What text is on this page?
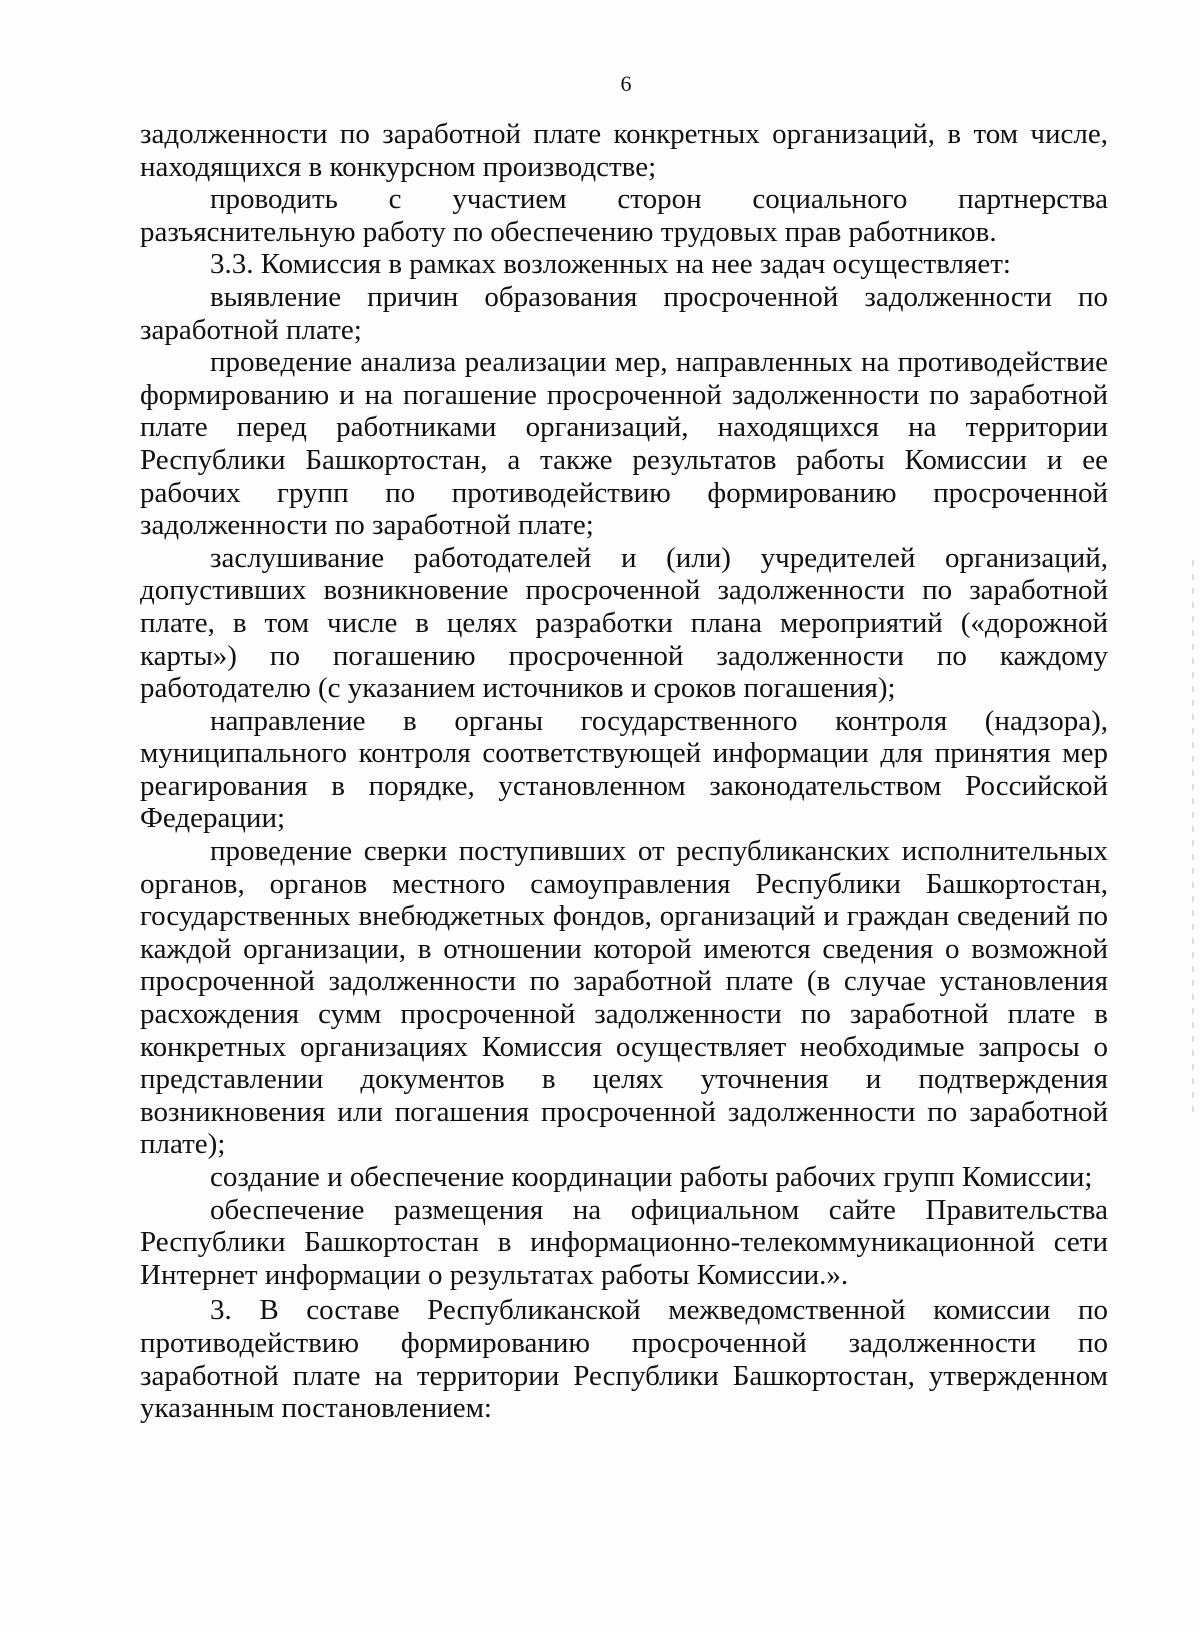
6

задолженности по заработной плате конкретных организаций, в том числе, находящихся в конкурсном производстве;

проводить с участием сторон социального партнерства разъяснительную работу по обеспечению трудовых прав работников.

3.3. Комиссия в рамках возложенных на нее задач осуществляет:

выявление причин образования просроченной задолженности по заработной плате;

проведение анализа реализации мер, направленных на противодействие формированию и на погашение просроченной задолженности по заработной плате перед работниками организаций, находящихся на территории Республики Башкортостан, а также результатов работы Комиссии и ее рабочих групп по противодействию формированию просроченной задолженности по заработной плате;

заслушивание работодателей и (или) учредителей организаций, допустивших возникновение просроченной задолженности по заработной плате, в том числе в целях разработки плана мероприятий («дорожной карты») по погашению просроченной задолженности по каждому работодателю (с указанием источников и сроков погашения);

направление в органы государственного контроля (надзора), муниципального контроля соответствующей информации для принятия мер реагирования в порядке, установленном законодательством Российской Федерации;

проведение сверки поступивших от республиканских исполнительных органов, органов местного самоуправления Республики Башкортостан, государственных внебюджетных фондов, организаций и граждан сведений по каждой организации, в отношении которой имеются сведения о возможной просроченной задолженности по заработной плате (в случае установления расхождения сумм просроченной задолженности по заработной плате в конкретных организациях Комиссия осуществляет необходимые запросы о представлении документов в целях уточнения и подтверждения возникновения или погашения просроченной задолженности по заработной плате);

создание и обеспечение координации работы рабочих групп Комиссии;

обеспечение размещения на официальном сайте Правительства Республики Башкортостан в информационно-телекоммуникационной сети Интернет информации о результатах работы Комиссии.».

3. В составе Республиканской межведомственной комиссии по противодействию формированию просроченной задолженности по заработной плате на территории Республики Башкортостан, утвержденном указанным постановлением:
